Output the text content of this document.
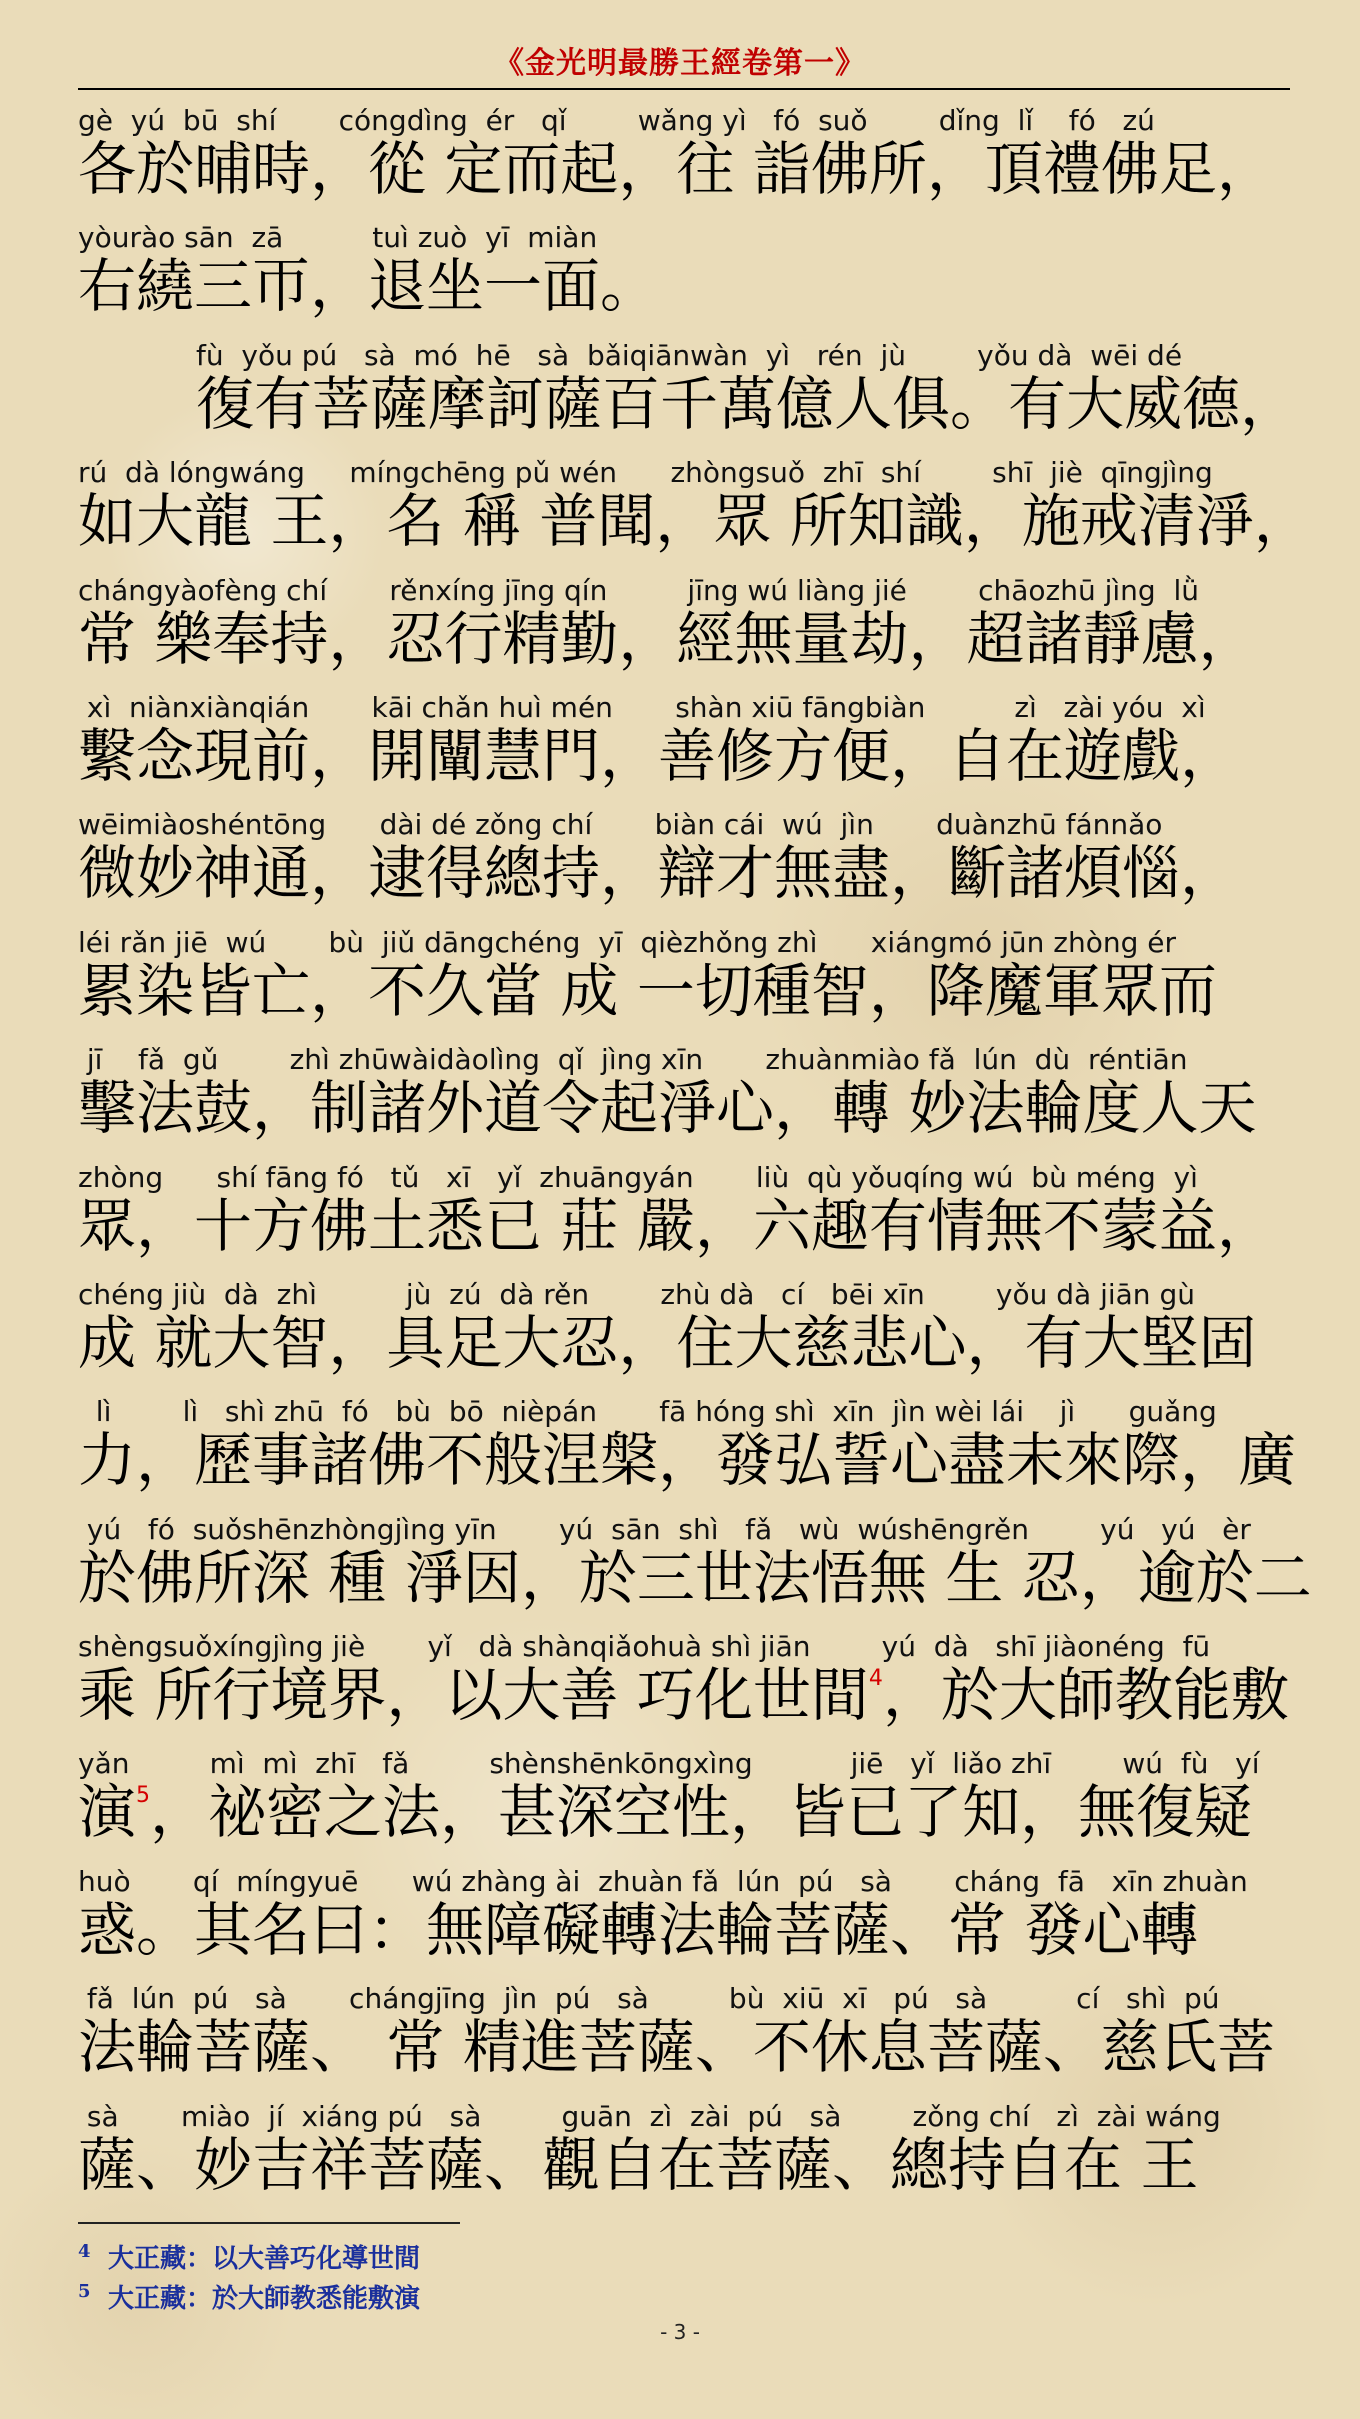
《金光明最勝王經卷第一》
gè  yú  bū  shí       cóngdìng  ér   qǐ        wǎng yì   fó  suǒ        dǐng  lǐ    fó   zú
各於晡時，從 定而起，往 詣佛所，頂禮佛足，
yòurào sān  zā          tuì zuò  yī  miàn
右繞三帀，退坐一面。
fù  yǒu pú   sà  mó  hē   sà  bǎiqiānwàn  yì   rén  jù        yǒu dà  wēi dé
復有菩薩摩訶薩百千萬億人俱。有大威德，
rú  dà lóngwáng     míngchēng pǔ wén      zhòngsuǒ  zhī  shí        shī  jiè  qīngjìng
如大龍 王，名 稱 普聞，眾 所知識，施戒清淨，
chángyàofèng chí       rěnxíng jīng qín         jīng wú liàng jié        chāozhū jìng  lǜ
常 樂奉持，忍行精勤，經無量劫，超諸靜慮，
xì  niànxiànqián       kāi chǎn huì mén       shàn xiū fāngbiàn          zì   zài yóu  xì
繫念現前，開闡慧門，善修方便，自在遊戲，
wēimiàoshéntōng      dài dé zǒng chí       biàn cái  wú  jìn       duànzhū fánnǎo
微妙神通，逮得總持，辯才無盡，斷諸煩惱，
léi rǎn jiē  wú       bù  jiǔ dāngchéng  yī  qièzhǒng zhì      xiángmó jūn zhòng ér
累染皆亡，不久當 成 一切種智，降魔軍眾而
jī    fǎ  gǔ        zhì zhūwàidàolìng  qǐ  jìng xīn       zhuànmiào fǎ  lún  dù  réntiān
擊法鼓，制諸外道令起淨心，轉 妙法輪度人天
zhòng      shí fāng fó   tǔ   xī   yǐ  zhuāngyán       liù  qù yǒuqíng wú  bù méng  yì
眾，十方佛土悉已 莊 嚴，六趣有情無不蒙益，
chéng jiù  dà  zhì          jù  zú  dà rěn        zhù dà   cí   bēi xīn        yǒu dà jiān gù
成 就大智，具足大忍，住大慈悲心，有大堅固
lì        lì   shì zhū  fó   bù  bō  nièpán       fā hóng shì  xīn  jìn wèi lái    jì      guǎng
力，歷事諸佛不般涅槃，發弘誓心盡未來際，廣
yú   fó  suǒshēnzhòngjìng yīn       yú  sān  shì   fǎ   wù  wúshēngrěn        yú   yú   èr
於佛所深 種 淨因，於三世法悟無 生 忍，逾於二
shèngsuǒxíngjìng jiè       yǐ   dà shànqiǎohuà shì jiān        yú  dà   shī jiàonéng  fū
乘 所行境界，以大善 巧化世間$^4$，於大師教能敷
yǎn         mì  mì  zhī   fǎ         shènshēnkōngxìng           jiē   yǐ  liǎo zhī        wú  fù   yí
演$^5$，祕密之法，甚深空性，皆已了知，無復疑
huò       qí  míngyuē      wú zhàng ài  zhuàn fǎ  lún  pú   sà       cháng  fā   xīn zhuàn
惑。其名曰：無障礙轉法輪菩薩、常 發心轉
fǎ  lún  pú   sà       chángjīng  jìn  pú   sà         bù  xiū  xī   pú   sà          cí   shì  pú
法輪菩薩、 常 精進菩薩、不休息菩薩、慈氏菩
sà       miào  jí  xiáng pú   sà         guān  zì  zài  pú   sà        zǒng chí   zì  zài wáng
薩、妙吉祥菩薩、觀自在菩薩、總持自在 王
4 大正藏：以大善巧化導世間
5 大正藏：於大師教悉能敷演
- 3 -
